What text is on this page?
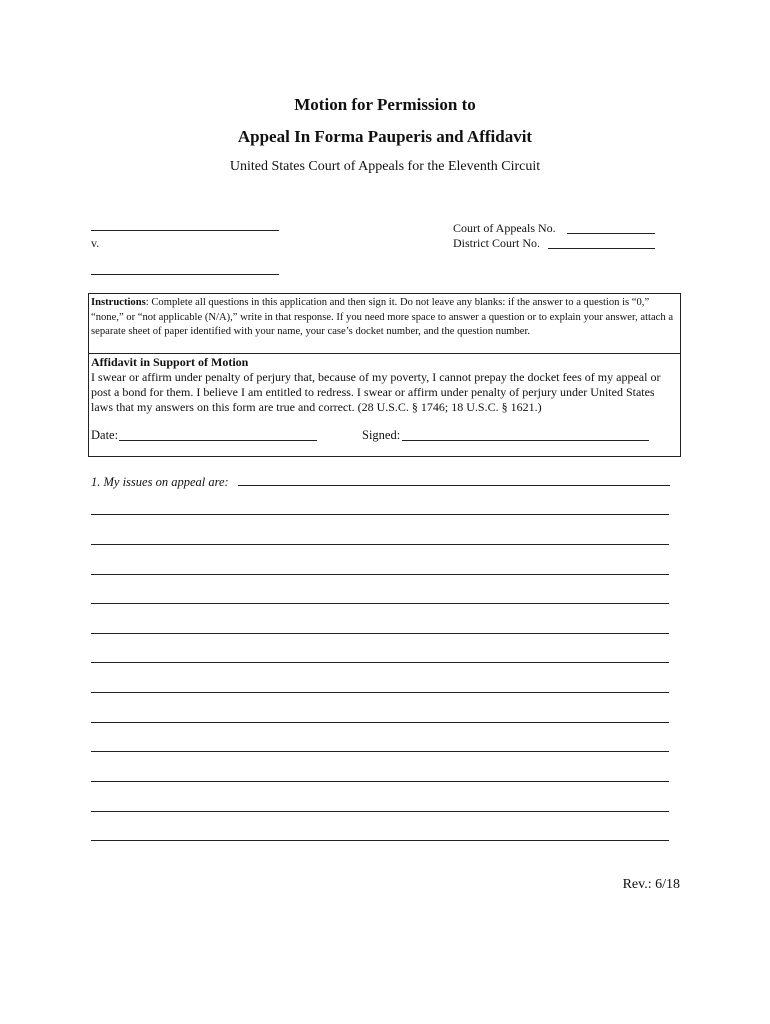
Motion for Permission to
Appeal In Forma Pauperis and Affidavit
United States Court of Appeals for the Eleventh Circuit
v.
Court of Appeals No.
District Court No.
Instructions: Complete all questions in this application and then sign it. Do not leave any blanks: if the answer to a question is “0,” “none,” or “not applicable (N/A),” write in that response. If you need more space to answer a question or to explain your answer, attach a separate sheet of paper identified with your name, your case’s docket number, and the question number.
Affidavit in Support of Motion
I swear or affirm under penalty of perjury that, because of my poverty, I cannot prepay the docket fees of my appeal or post a bond for them. I believe I am entitled to redress. I swear or affirm under penalty of perjury under United States laws that my answers on this form are true and correct. (28 U.S.C. § 1746; 18 U.S.C. § 1621.)
Date:	Signed:
1. My issues on appeal are:
Rev.: 6/18
